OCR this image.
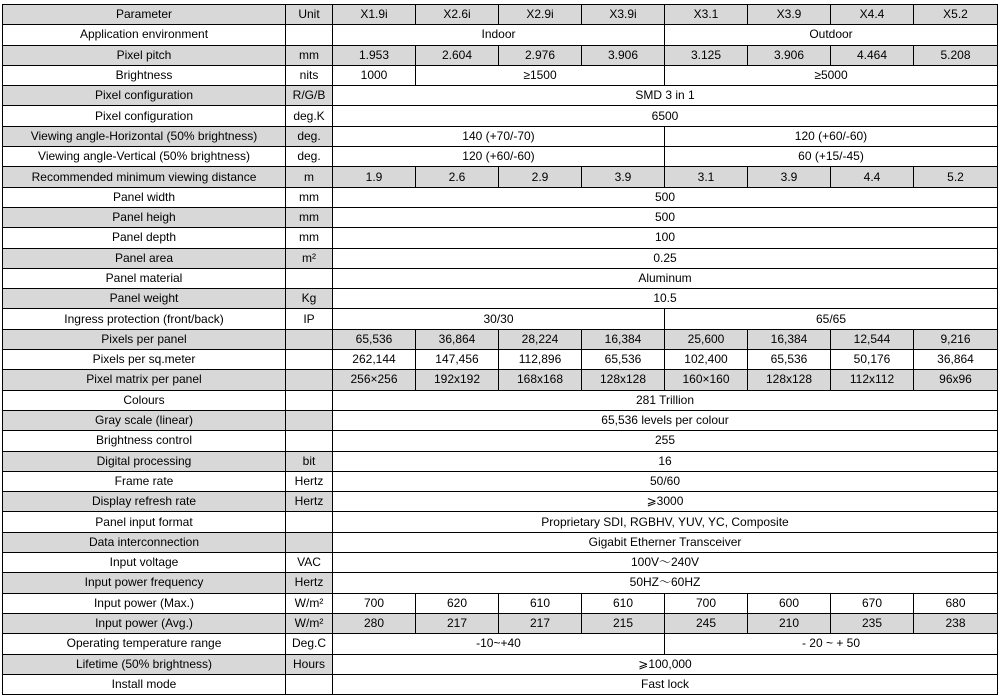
Parameter	Unit	X1.9i	X2.6i	X2.9i	X3.9i	X3.1	X3.9	X4.4	X5.2
Application environment		Indoor				Outdoor			
Pixel pitch	mm	1.953	2.604	2.976	3.906	3.125	3.906	4.464	5.208
Brightness	nits	1000	≥1500			≥5000			
Pixel configuration	R/G/B	SMD 3 in 1							
Pixel configuration	deg.K	6500							
Viewing angle-Horizontal (50% brightness)	deg.	140 (+70/-70)				120 (+60/-60)			
Viewing angle-Vertical (50% brightness)	deg.	120 (+60/-60)				60 (+15/-45)			
Recommended minimum viewing distance	m	1.9	2.6	2.9	3.9	3.1	3.9	4.4	5.2
Panel width	mm	500							
Panel heigh	mm	500							
Panel depth	mm	100							
Panel area	m²	0.25							
Panel material		Aluminum							
Panel weight	Kg	10.5							
Ingress protection (front/back)	IP	30/30				65/65			
Pixels per panel		65,536	36,864	28,224	16,384	25,600	16,384	12,544	9,216
Pixels per sq.meter		262,144	147,456	112,896	65,536	102,400	65,536	50,176	36,864
Pixel matrix per panel		256×256	192x192	168x168	128x128	160×160	128x128	112x112	96x96
Colours		281 Trillion							
Gray scale (linear)		65,536 levels per colour							
Brightness control		255							
Digital processing	bit	16							
Frame rate	Hertz	50/60							
Display refresh rate	Hertz	⩾3000							
Panel input format		Proprietary SDI, RGBHV, YUV, YC, Composite							
Data interconnection		Gigabit Etherner Transceiver							
Input voltage	VAC	100V～240V							
Input power frequency	Hertz	50HZ～60HZ							
Input power (Max.)	W/m²	700	620	610	610	700	600	670	680
Input power (Avg.)	W/m²	280	217	217	215	245	210	235	238
Operating temperature range	Deg.C	-10~+40				- 20 ~ + 50			
Lifetime (50% brightness)	Hours	⩾100,000							
Install mode		Fast lock							
